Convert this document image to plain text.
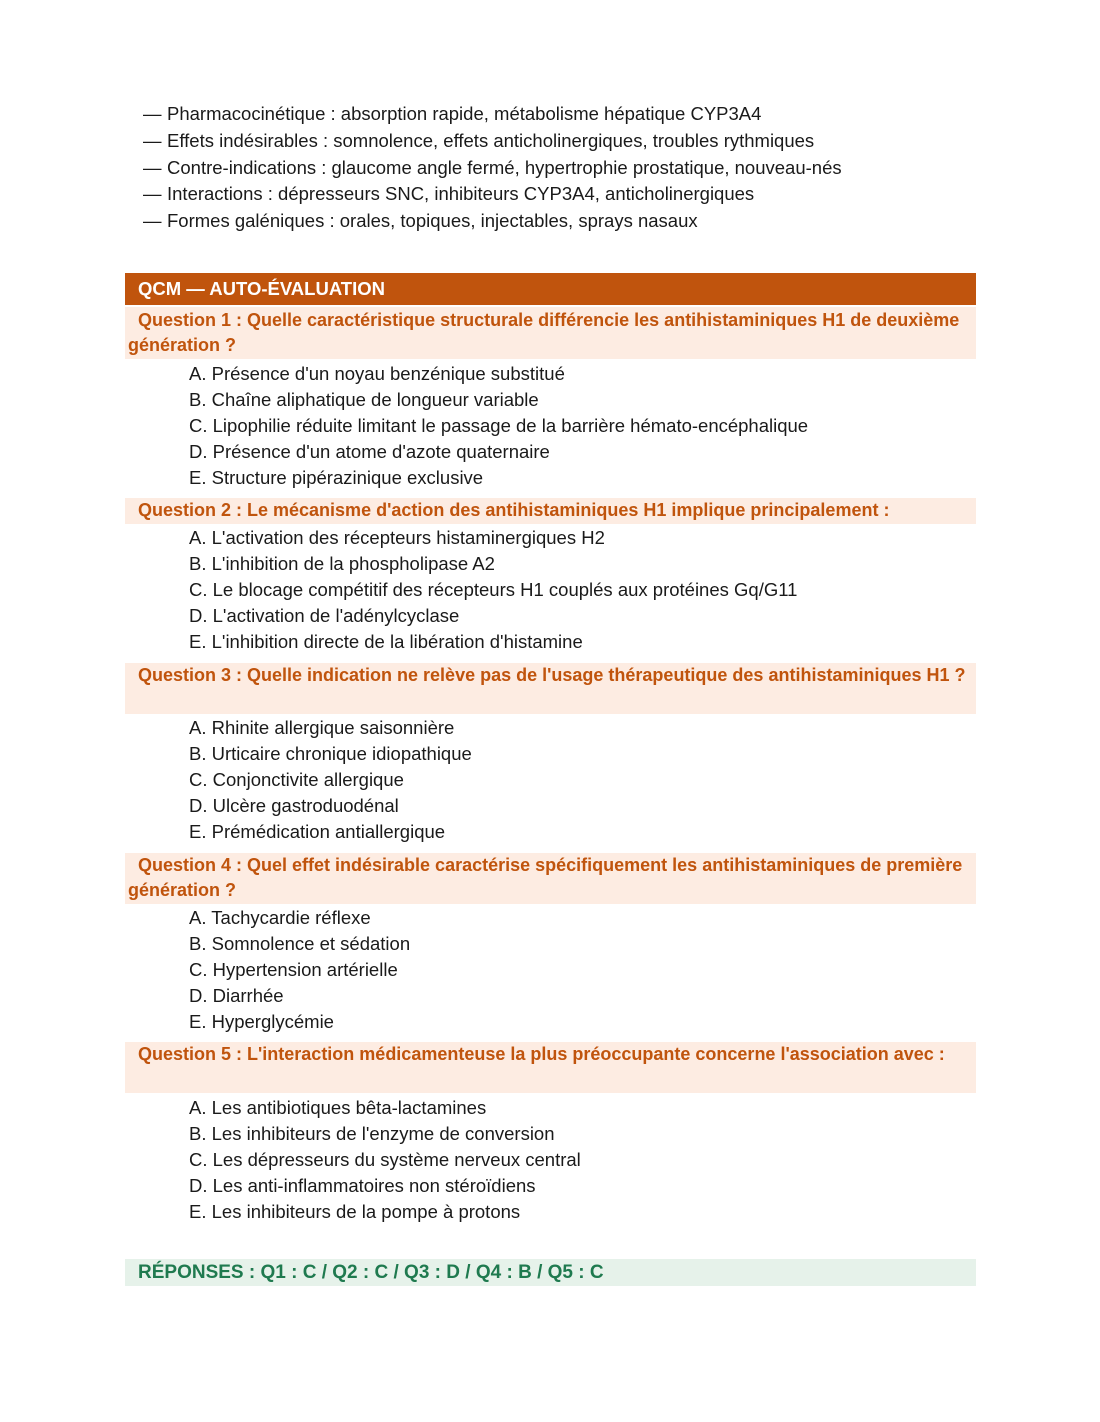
— Pharmacocinétique : absorption rapide, métabolisme hépatique CYP3A4
— Effets indésirables : somnolence, effets anticholinergiques, troubles rythmiques
— Contre-indications : glaucome angle fermé, hypertrophie prostatique, nouveau-nés
— Interactions : dépresseurs SNC, inhibiteurs CYP3A4, anticholinergiques
— Formes galéniques : orales, topiques, injectables, sprays nasaux
QCM — AUTO-ÉVALUATION
Question 1 : Quelle caractéristique structurale différencie les antihistaminiques H1 de deuxième génération ?
A. Présence d'un noyau benzénique substitué
B. Chaîne aliphatique de longueur variable
C. Lipophilie réduite limitant le passage de la barrière hémato-encéphalique
D. Présence d'un atome d'azote quaternaire
E. Structure pipérazinique exclusive
Question 2 : Le mécanisme d'action des antihistaminiques H1 implique principalement :
A. L'activation des récepteurs histaminergiques H2
B. L'inhibition de la phospholipase A2
C. Le blocage compétitif des récepteurs H1 couplés aux protéines Gq/G11
D. L'activation de l'adénylcyclase
E. L'inhibition directe de la libération d'histamine
Question 3 : Quelle indication ne relève pas de l'usage thérapeutique des antihistaminiques H1 ?
A. Rhinite allergique saisonnière
B. Urticaire chronique idiopathique
C. Conjonctivite allergique
D. Ulcère gastroduodénal
E. Prémédication antiallergique
Question 4 : Quel effet indésirable caractérise spécifiquement les antihistaminiques de première génération ?
A. Tachycardie réflexe
B. Somnolence et sédation
C. Hypertension artérielle
D. Diarrhée
E. Hyperglycémie
Question 5 : L'interaction médicamenteuse la plus préoccupante concerne l'association avec :
A. Les antibiotiques bêta-lactamines
B. Les inhibiteurs de l'enzyme de conversion
C. Les dépresseurs du système nerveux central
D. Les anti-inflammatoires non stéroïdiens
E. Les inhibiteurs de la pompe à protons
RÉPONSES : Q1 : C / Q2 : C / Q3 : D / Q4 : B / Q5 : C
